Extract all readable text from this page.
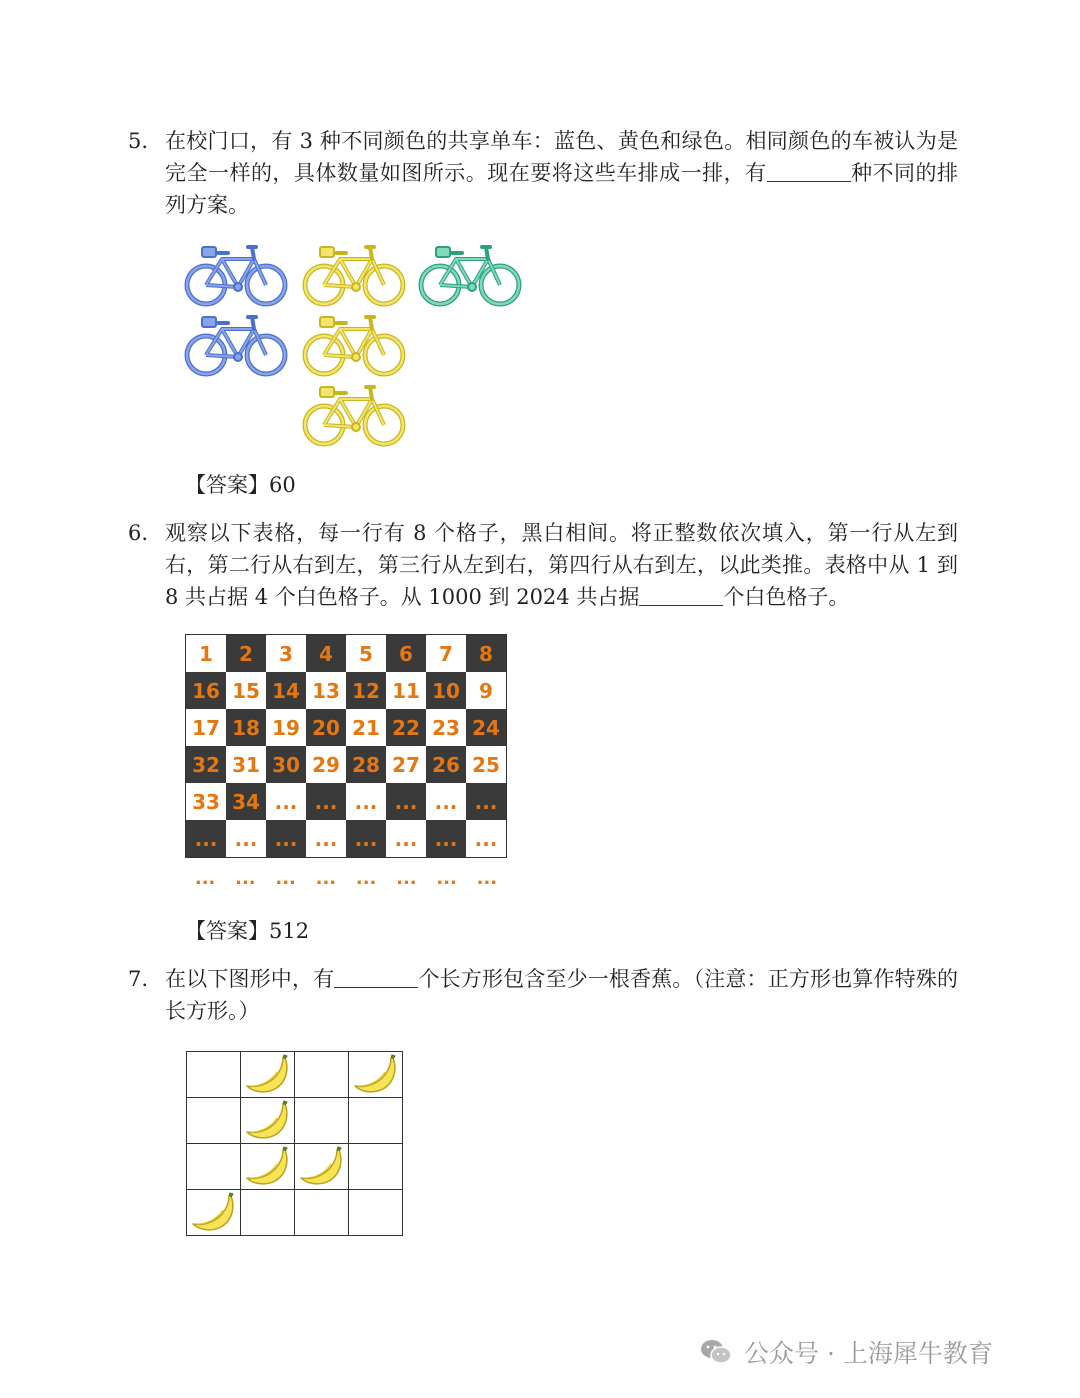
5. 在校门口，有 3 种不同颜色的共享单车：蓝色、黄色和绿色。相同颜色的车被认为是完全一样的，具体数量如图所示。现在要将这些车排成一排，有	种不同的排列方案。
【答案】60
6. 观察以下表格，每一行有 8 个格子，黑白相间。将正整数依次填入，第一行从左到右，第二行从右到左，第三行从左到右，第四行从右到左，以此类推。表格中从 1 到 8 共占据 4 个白色格子。从 1000 到 2024 共占据	个白色格子。
1	2	3	4	5	6	7	8
16	15	14	13	12	11	10	9
17	18	19	20	21	22	23	24
32	31	30	29	28	27	26	25
33	34	...	...	...	...	...	...
...	...	...	...	...	...	...	...
...	...	...	...	...	...	...	...
【答案】512
7. 在以下图形中，有	个长方形包含至少一根香蕉。（注意：正方形也算作特殊的长方形。）

公众号 · 上海犀牛教育
